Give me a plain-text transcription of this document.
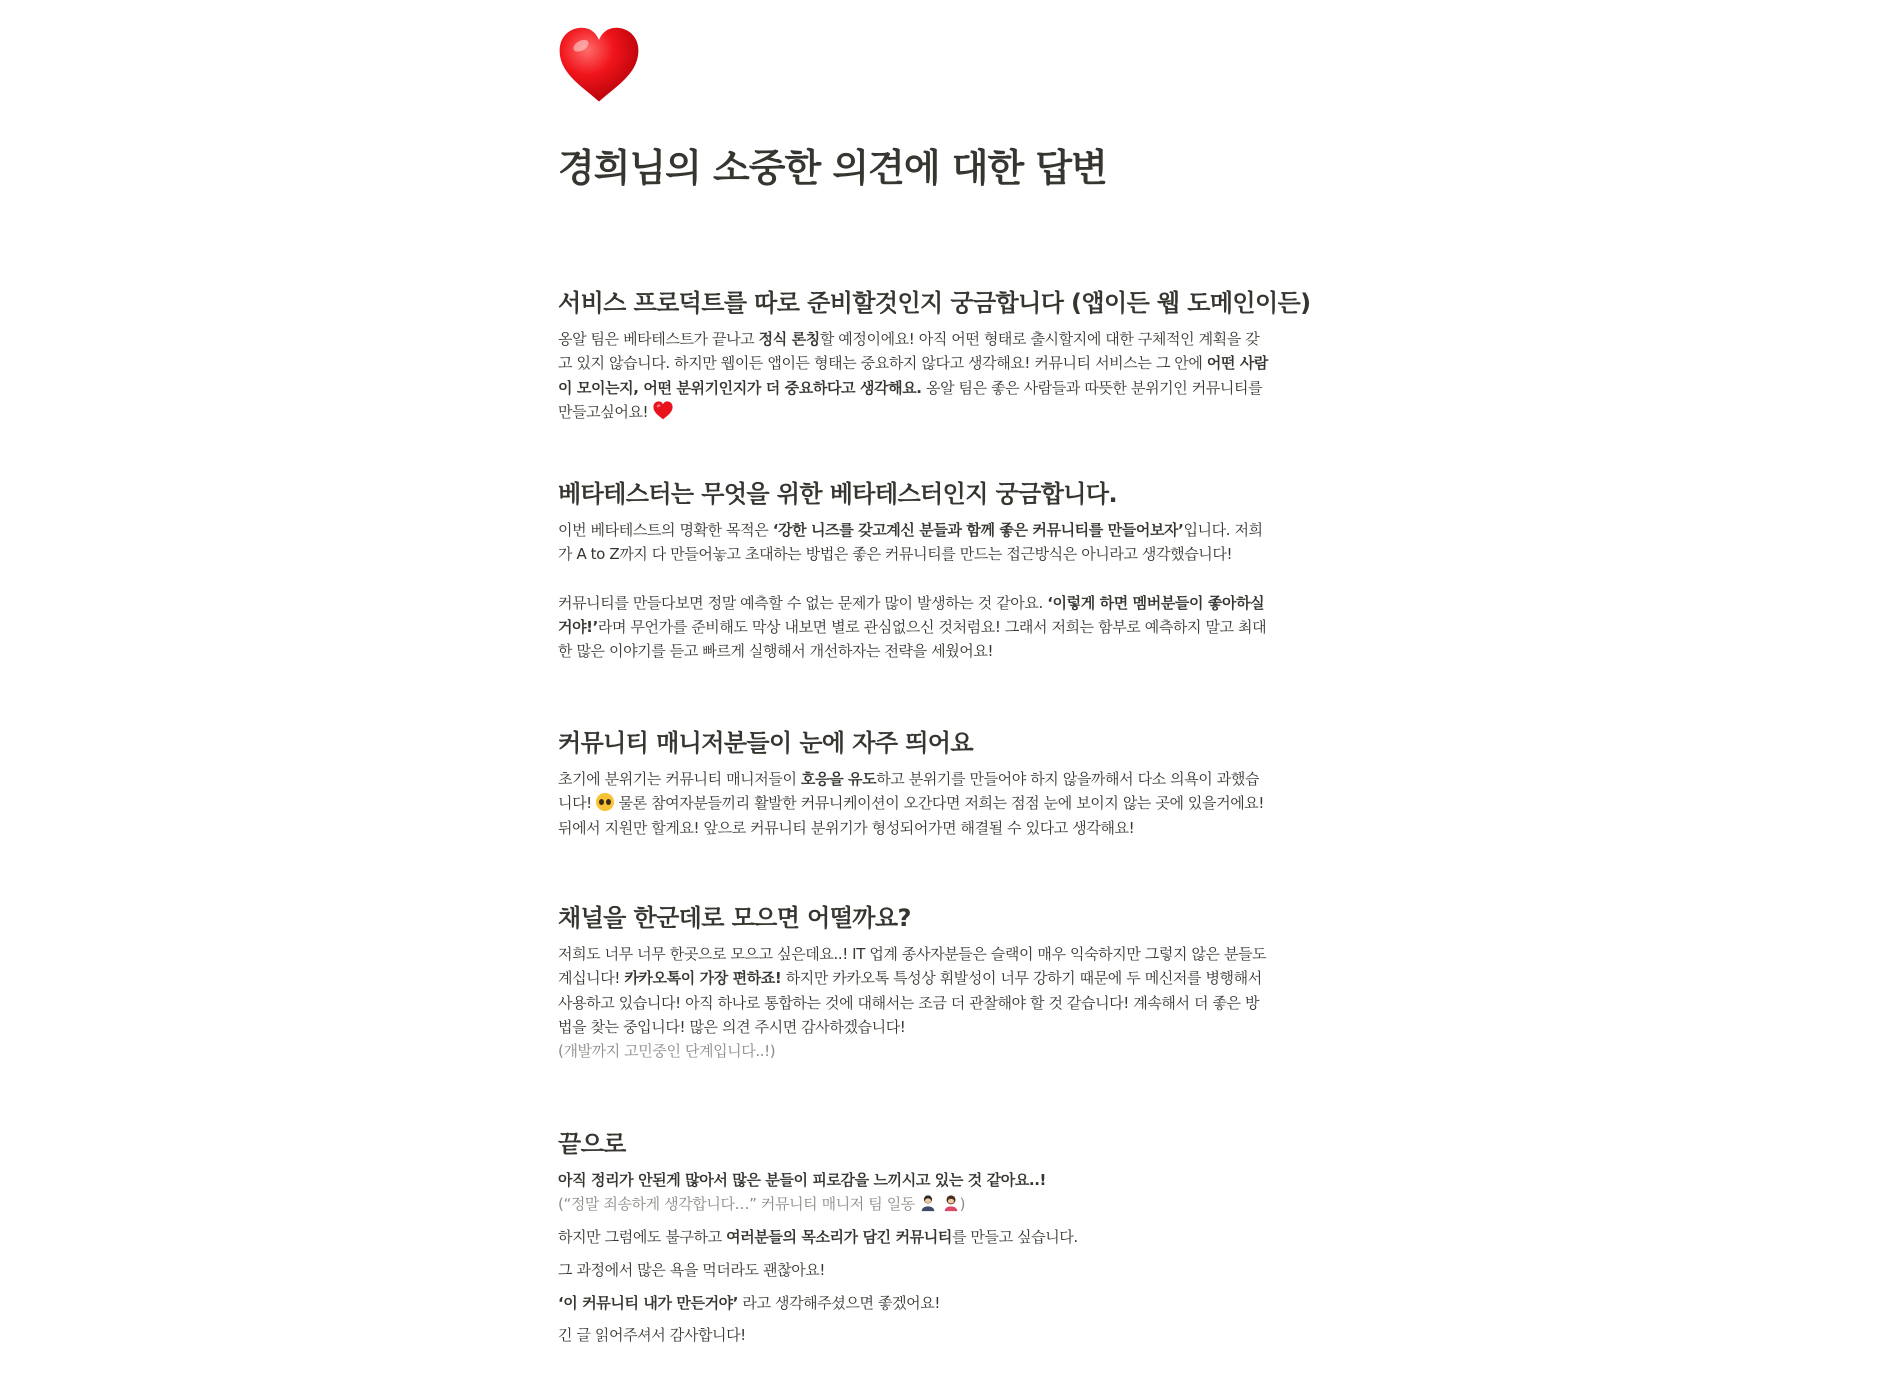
경희님의 소중한 의견에 대한 답변
서비스 프로덕트를 따로 준비할것인지 궁금합니다 (앱이든 웹 도메인이든)

옹알 팀은 베타테스트가 끝나고 정식 론칭할 예정이에요! 아직 어떤 형태로 출시할지에 대한 구체적인 계획을 갖고 있지 않습니다. 하지만 웹이든 앱이든 형태는 중요하지 않다고 생각해요! 커뮤니티 서비스는 그 안에 어떤 사람이 모이는지, 어떤 분위기인지가 더 중요하다고 생각해요. 옹알 팀은 좋은 사람들과 따뜻한 분위기인 커뮤니티를 만들고싶어요!

베타테스터는 무엇을 위한 베타테스터인지 궁금합니다.

이번 베타테스트의 명확한 목적은 ‘강한 니즈를 갖고계신 분들과 함께 좋은 커뮤니티를 만들어보자’입니다. 저희가 A to Z까지 다 만들어놓고 초대하는 방법은 좋은 커뮤니티를 만드는 접근방식은 아니라고 생각했습니다!

커뮤니티를 만들다보면 정말 예측할 수 없는 문제가 많이 발생하는 것 같아요. ‘이렇게 하면 멤버분들이 좋아하실거야!’라며 무언가를 준비해도 막상 내보면 별로 관심없으신 것처럼요! 그래서 저희는 함부로 예측하지 말고 최대한 많은 이야기를 듣고 빠르게 실행해서 개선하자는 전략을 세웠어요!

커뮤니티 매니저분들이 눈에 자주 띄어요

초기에 분위기는 커뮤니티 매니저들이 호응을 유도하고 분위기를 만들어야 하지 않을까해서 다소 의욕이 과했습니다!  물론 참여자분들끼리 활발한 커뮤니케이션이 오간다면 저희는 점점 눈에 보이지 않는 곳에 있을거에요! 뒤에서 지원만 할게요! 앞으로 커뮤니티 분위기가 형성되어가면 해결될 수 있다고 생각해요!

채널을 한군데로 모으면 어떨까요?

저희도 너무 너무 한곳으로 모으고 싶은데요..! IT 업계 종사자분들은 슬랙이 매우 익숙하지만 그렇지 않은 분들도 계십니다! 카카오톡이 가장 편하죠! 하지만 카카오톡 특성상 휘발성이 너무 강하기 때문에 두 메신저를 병행해서 사용하고 있습니다! 아직 하나로 통합하는 것에 대해서는 조금 더 관찰해야 할 것 같습니다! 계속해서 더 좋은 방법을 찾는 중입니다! 많은 의견 주시면 감사하겠습니다!

(개발까지 고민중인 단계입니다..!)

끝으로

아직 정리가 안된게 많아서 많은 분들이 피로감을 느끼시고 있는 것 같아요..!

(“정말 죄송하게 생각합니다…” 커뮤니티 매니저 팀 일동	)

하지만 그럼에도 불구하고 여러분들의 목소리가 담긴 커뮤니티를 만들고 싶습니다.

그 과정에서 많은 욕을 먹더라도 괜찮아요!

‘이 커뮤니티 내가 만든거야’ 라고 생각해주셨으면 좋겠어요!

긴 글 읽어주셔서 감사합니다!
